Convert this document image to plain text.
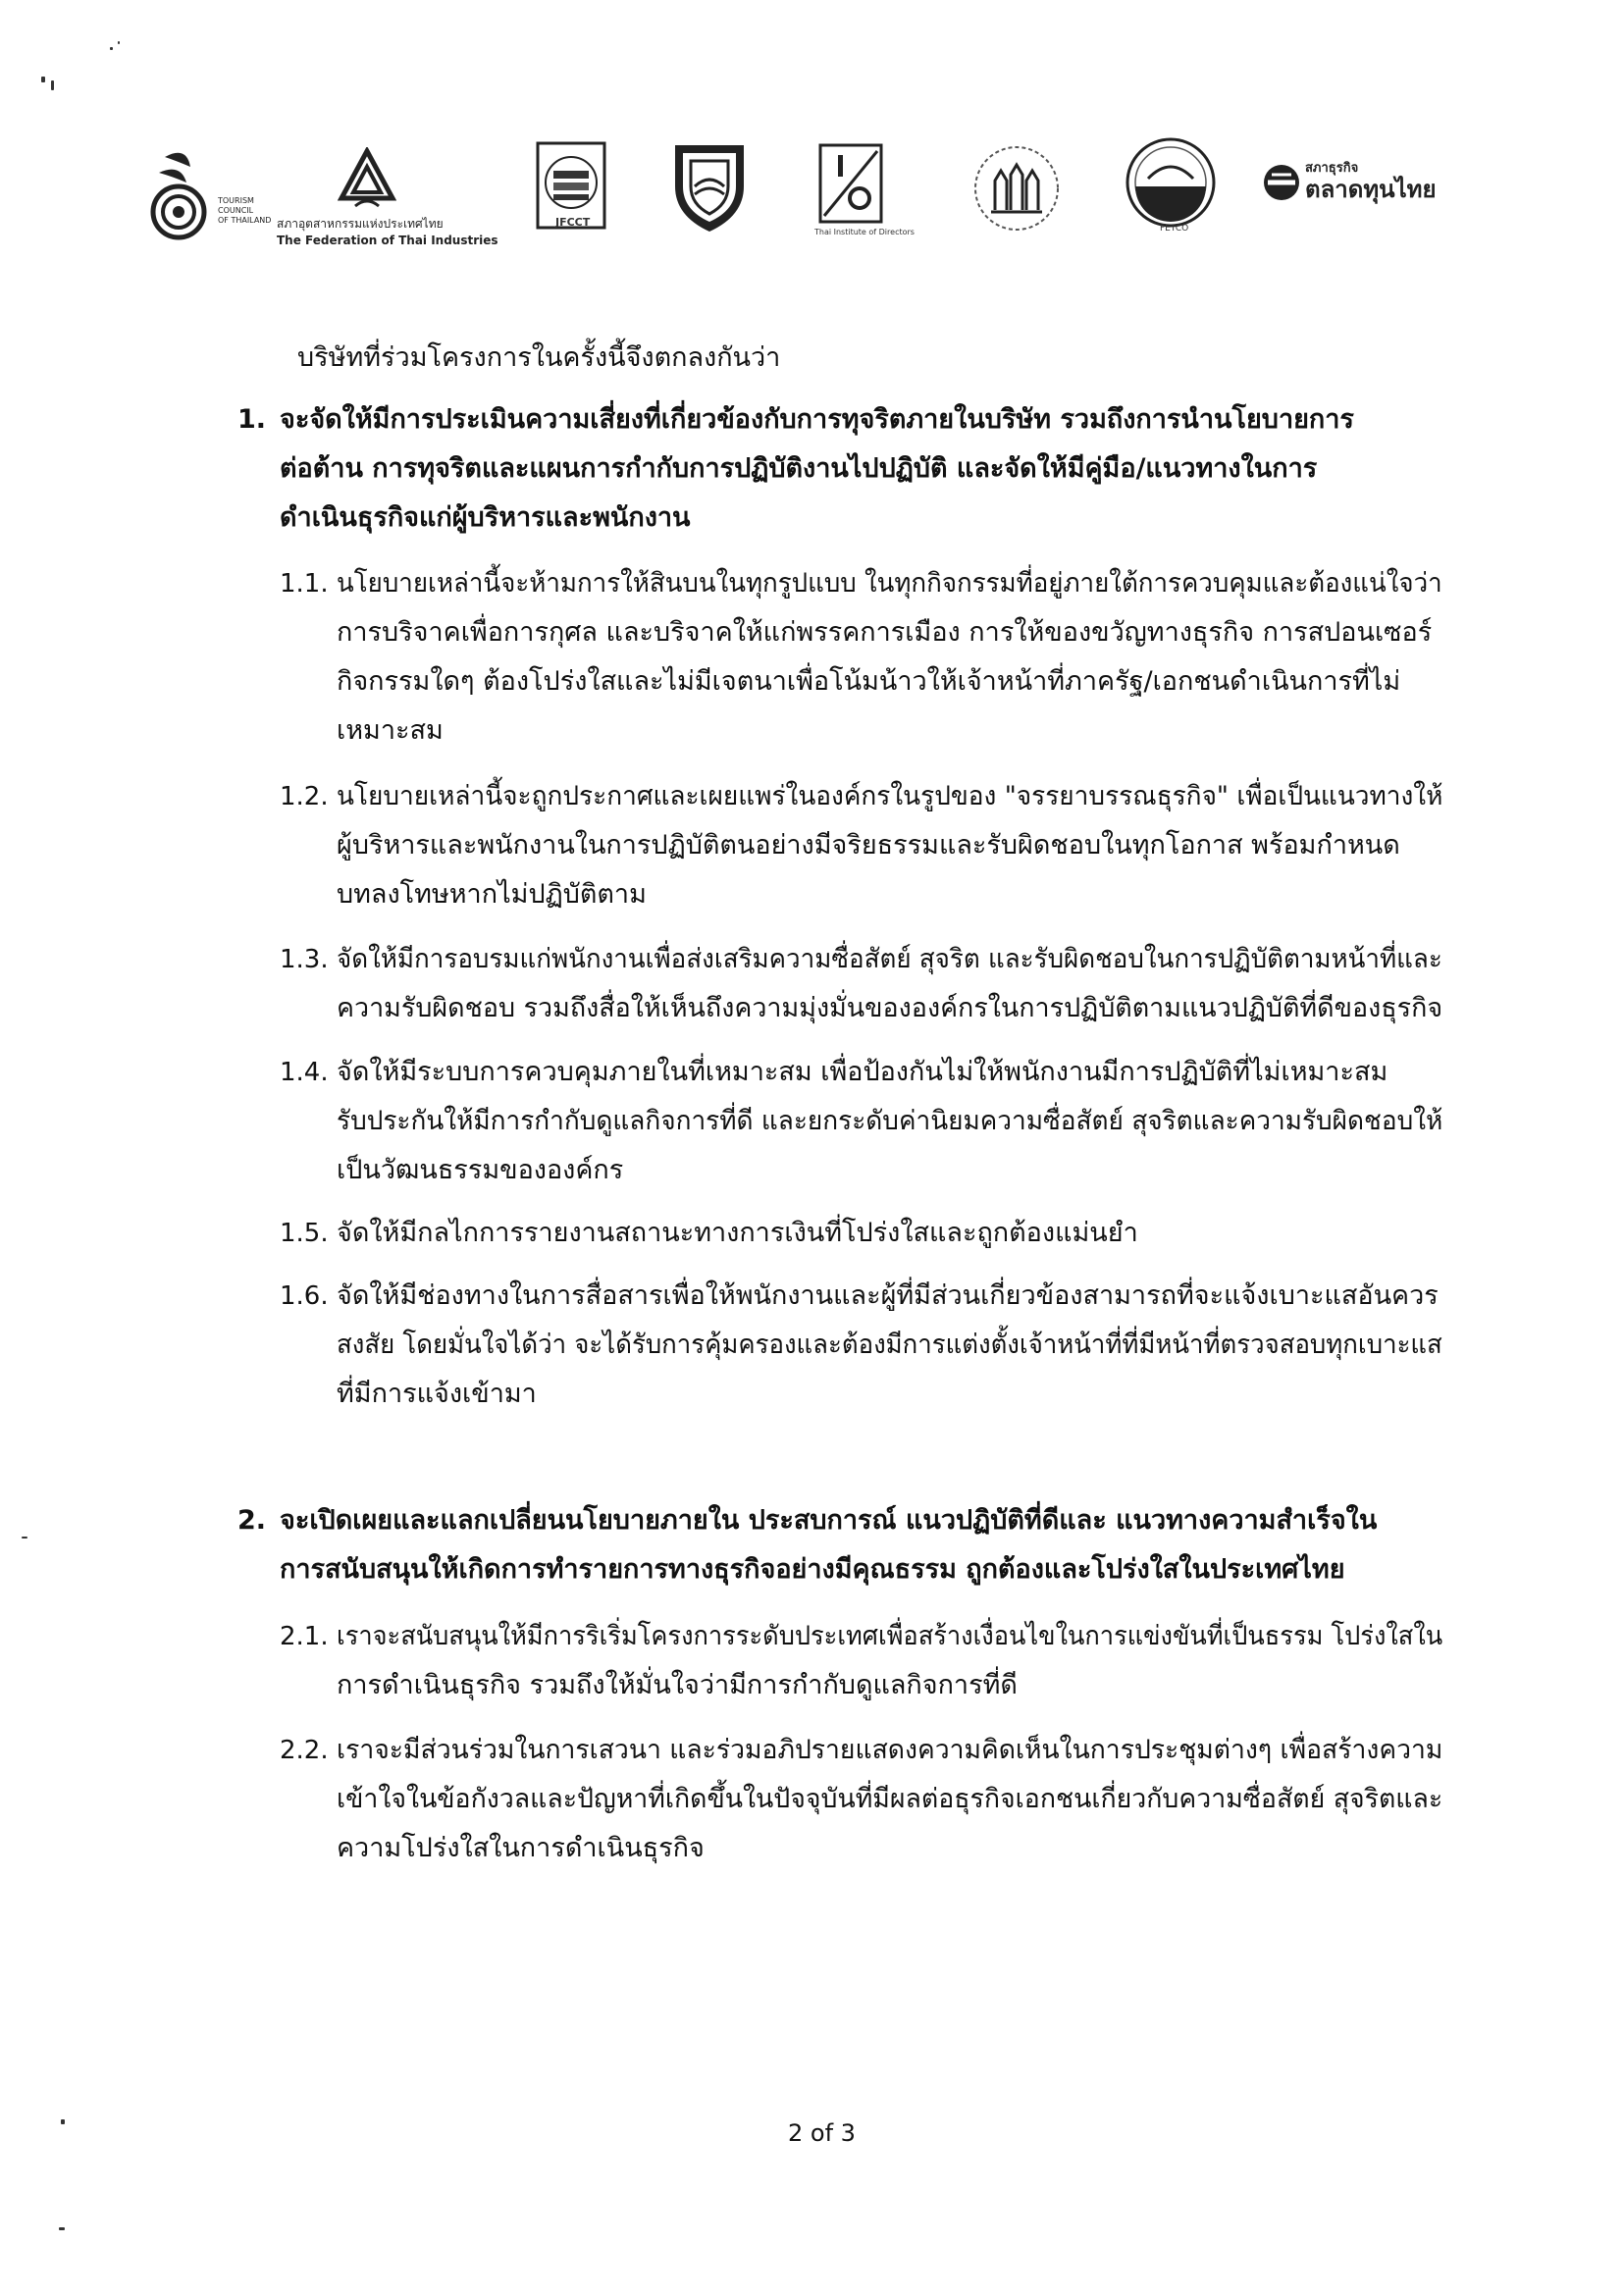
TOURISM
COUNCIL
OF THAILAND สภาอุตสาหกรรมแห่งประเทศไทย
The Federation of Thai Industries
JFCCT
Thai Institute of Directors	FETCO
สภาธุรกิจ
ตลาดทุนไทย
บริษัทที่ร่วมโครงการในครั้งนี้จึงตกลงกันว่า
1. จะจัดให้มีการประเมินความเสี่ยงที่เกี่ยวข้องกับการทุจริตภายในบริษัท รวมถึงการนำนโยบายการ
ต่อต้าน การทุจริตและแผนการกำกับการปฏิบัติงานไปปฏิบัติ และจัดให้มีคู่มือ/แนวทางในการ
ดำเนินธุรกิจแก่ผู้บริหารและพนักงาน
1.1. นโยบายเหล่านี้จะห้ามการให้สินบนในทุกรูปแบบ ในทุกกิจกรรมที่อยู่ภายใต้การควบคุมและต้องแน่ใจว่า
การบริจาคเพื่อการกุศล และบริจาคให้แก่พรรคการเมือง การให้ของขวัญทางธุรกิจ การสปอนเซอร์
กิจกรรมใดๆ ต้องโปร่งใสและไม่มีเจตนาเพื่อโน้มน้าวให้เจ้าหน้าที่ภาครัฐ/เอกชนดำเนินการที่ไม่
เหมาะสม
1.2. นโยบายเหล่านี้จะถูกประกาศและเผยแพร่ในองค์กรในรูปของ "จรรยาบรรณธุรกิจ" เพื่อเป็นแนวทางให้
ผู้บริหารและพนักงานในการปฏิบัติตนอย่างมีจริยธรรมและรับผิดชอบในทุกโอกาส พร้อมกำหนด
บทลงโทษหากไม่ปฏิบัติตาม
1.3. จัดให้มีการอบรมแก่พนักงานเพื่อส่งเสริมความซื่อสัตย์ สุจริต และรับผิดชอบในการปฏิบัติตามหน้าที่และ
ความรับผิดชอบ รวมถึงสื่อให้เห็นถึงความมุ่งมั่นขององค์กรในการปฏิบัติตามแนวปฏิบัติที่ดีของธุรกิจ
1.4. จัดให้มีระบบการควบคุมภายในที่เหมาะสม เพื่อป้องกันไม่ให้พนักงานมีการปฏิบัติที่ไม่เหมาะสม
รับประกันให้มีการกำกับดูแลกิจการที่ดี และยกระดับค่านิยมความซื่อสัตย์ สุจริตและความรับผิดชอบให้
เป็นวัฒนธรรมขององค์กร
1.5. จัดให้มีกลไกการรายงานสถานะทางการเงินที่โปร่งใสและถูกต้องแม่นยำ
1.6. จัดให้มีช่องทางในการสื่อสารเพื่อให้พนักงานและผู้ที่มีส่วนเกี่ยวข้องสามารถที่จะแจ้งเบาะแสอันควร
สงสัย โดยมั่นใจได้ว่า จะได้รับการคุ้มครองและต้องมีการแต่งตั้งเจ้าหน้าที่ที่มีหน้าที่ตรวจสอบทุกเบาะแส
ที่มีการแจ้งเข้ามา
2. จะเปิดเผยและแลกเปลี่ยนนโยบายภายใน ประสบการณ์ แนวปฏิบัติที่ดีและ แนวทางความสำเร็จใน
การสนับสนุนให้เกิดการทำรายการทางธุรกิจอย่างมีคุณธรรม ถูกต้องและโปร่งใสในประเทศไทย
2.1. เราจะสนับสนุนให้มีการริเริ่มโครงการระดับประเทศเพื่อสร้างเงื่อนไขในการแข่งขันที่เป็นธรรม โปร่งใสใน
การดำเนินธุรกิจ รวมถึงให้มั่นใจว่ามีการกำกับดูแลกิจการที่ดี
2.2. เราจะมีส่วนร่วมในการเสวนา และร่วมอภิปรายแสดงความคิดเห็นในการประชุมต่างๆ เพื่อสร้างความ
เข้าใจในข้อกังวลและปัญหาที่เกิดขึ้นในปัจจุบันที่มีผลต่อธุรกิจเอกชนเกี่ยวกับความซื่อสัตย์ สุจริตและ
ความโปร่งใสในการดำเนินธุรกิจ
2 of 3
